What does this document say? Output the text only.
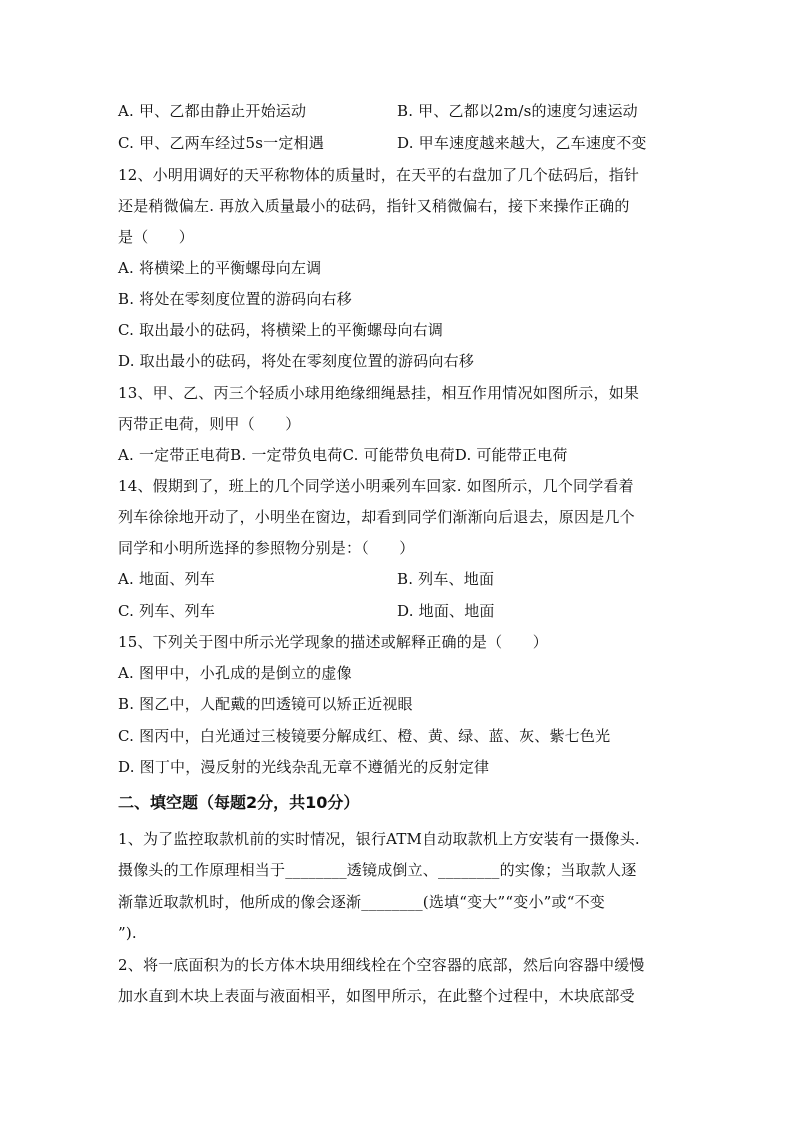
A. 甲、乙都由静止开始运动	B. 甲、乙都以2m/s的速度匀速运动
C. 甲、乙两车经过5s一定相遇	D. 甲车速度越来越大，乙车速度不变
12、小明用调好的天平称物体的质量时，在天平的右盘加了几个砝码后，指针
还是稍微偏左. 再放入质量最小的砝码，指针又稍微偏右，接下来操作正确的
是（　　）
A. 将横梁上的平衡螺母向左调
B. 将处在零刻度位置的游码向右移
C. 取出最小的砝码，将横梁上的平衡螺母向右调
D. 取出最小的砝码，将处在零刻度位置的游码向右移
13、甲、乙、丙三个轻质小球用绝缘细绳悬挂，相互作用情况如图所示，如果
丙带正电荷，则甲（　　）
A. 一定带正电荷B. 一定带负电荷C. 可能带负电荷D. 可能带正电荷
14、假期到了，班上的几个同学送小明乘列车回家. 如图所示，几个同学看着
列车徐徐地开动了，小明坐在窗边，却看到同学们渐渐向后退去，原因是几个
同学和小明所选择的参照物分别是：（　　）
A. 地面、列车	B. 列车、地面
C. 列车、列车	D. 地面、地面
15、下列关于图中所示光学现象的描述或解释正确的是（　　）
A. 图甲中，小孔成的是倒立的虚像
B. 图乙中，人配戴的凹透镜可以矫正近视眼
C. 图丙中，白光通过三棱镜要分解成红、橙、黄、绿、蓝、灰、紫七色光
D. 图丁中，漫反射的光线杂乱无章不遵循光的反射定律
二、填空题（每题2分，共10分）
1、为了监控取款机前的实时情况，银行ATM自动取款机上方安装有一摄像头.
摄像头的工作原理相当于________透镜成倒立、________的实像；当取款人逐
渐靠近取款机时，他所成的像会逐渐________(选填“变大”“变小”或“不变
”).
2、将一底面积为的长方体木块用细线栓在个空容器的底部，然后向容器中缓慢
加水直到木块上表面与液面相平，如图甲所示，在此整个过程中，木块底部受
